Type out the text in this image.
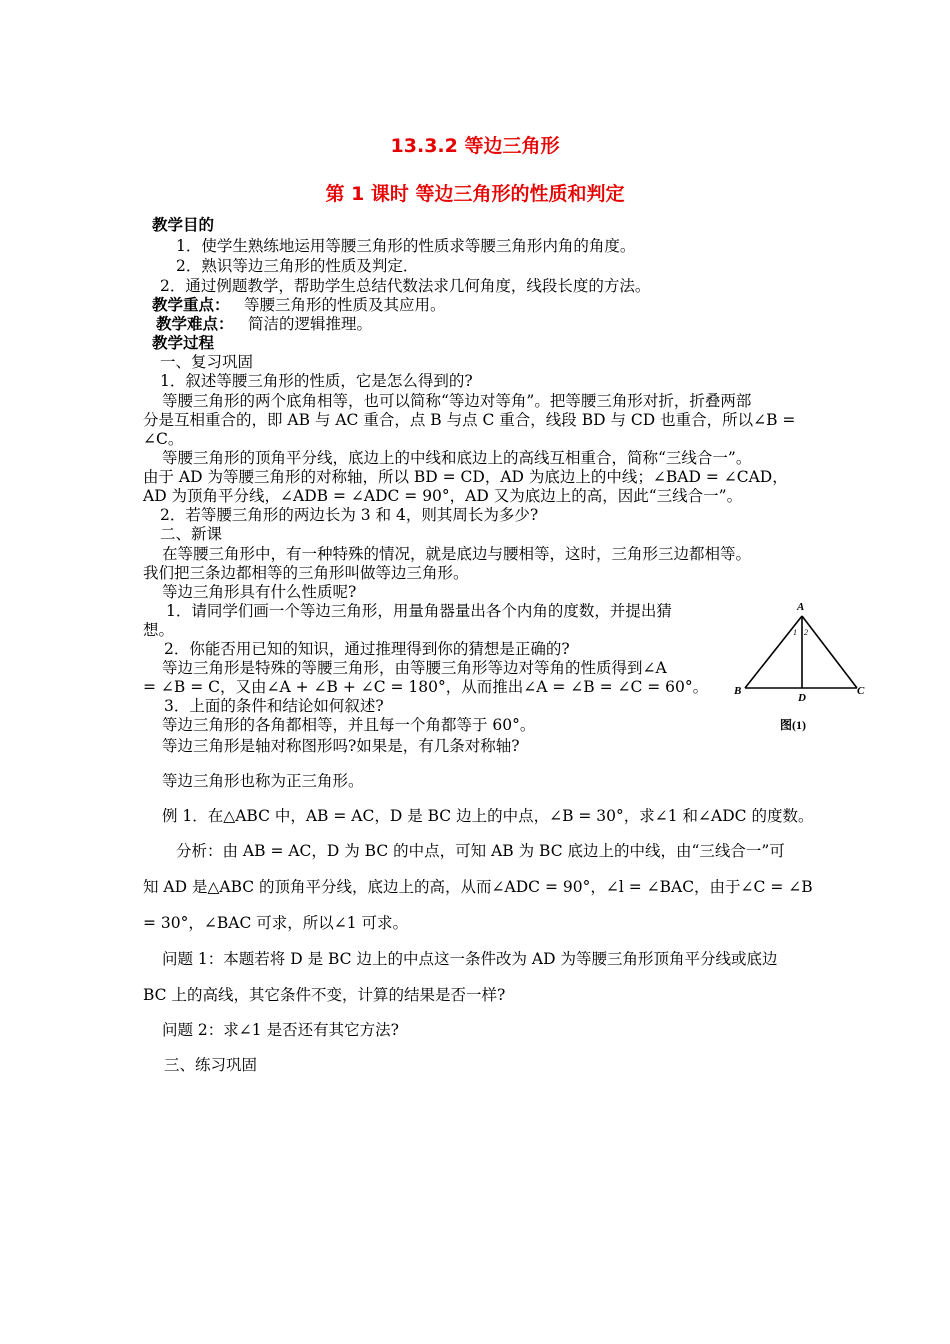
13.3.2 等边三角形
第 1 课时 等边三角形的性质和判定
教学目的
1．使学生熟练地运用等腰三角形的性质求等腰三角形内角的角度。
2．熟识等边三角形的性质及判定．
2．通过例题教学，帮助学生总结代数法求几何角度，线段长度的方法。
教学重点： 等腰三角形的性质及其应用。
教学难点： 简洁的逻辑推理。
教学过程
一、复习巩固
1．叙述等腰三角形的性质，它是怎么得到的?
等腰三角形的两个底角相等，也可以简称“等边对等角”。把等腰三角形对折，折叠两部
分是互相重合的，即 AB 与 AC 重合，点 B 与点 C 重合，线段 BD 与 CD 也重合，所以∠B =
∠C。
等腰三角形的顶角平分线，底边上的中线和底边上的高线互相重合，简称“三线合一”。
由于 AD 为等腰三角形的对称轴，所以 BD = CD，AD 为底边上的中线；∠BAD = ∠CAD，
AD 为顶角平分线，∠ADB = ∠ADC = 90°，AD 又为底边上的高，因此“三线合一”。
2．若等腰三角形的两边长为 3 和 4，则其周长为多少?
二、新课
在等腰三角形中，有一种特殊的情况，就是底边与腰相等，这时，三角形三边都相等。
我们把三条边都相等的三角形叫做等边三角形。
等边三角形具有什么性质呢?
1．请同学们画一个等边三角形，用量角器量出各个内角的度数，并提出猜
想。
2．你能否用已知的知识，通过推理得到你的猜想是正确的?
等边三角形是特殊的等腰三角形，由等腰三角形等边对等角的性质得到∠A
= ∠B = C，又由∠A + ∠B + ∠C = 180°，从而推出∠A = ∠B = ∠C = 60°。
3．上面的条件和结论如何叙述?
等边三角形的各角都相等，并且每一个角都等于 60°。
等边三角形是轴对称图形吗?如果是，有几条对称轴?
等边三角形也称为正三角形。
例 1．在△ABC 中，AB = AC，D 是 BC 边上的中点，∠B = 30°，求∠1 和∠ADC 的度数。
分析：由 AB = AC，D 为 BC 的中点，可知 AB 为 BC 底边上的中线，由“三线合一”可
知 AD 是△ABC 的顶角平分线，底边上的高，从而∠ADC = 90°，∠l = ∠BAC，由于∠C = ∠B
= 30°，∠BAC 可求，所以∠1 可求。
问题 1：本题若将 D 是 BC 边上的中点这一条件改为 AD 为等腰三角形顶角平分线或底边
BC 上的高线，其它条件不变，计算的结果是否一样?
问题 2：求∠1 是否还有其它方法?
三、练习巩固
A
1 2
B	C
D
图(1)
